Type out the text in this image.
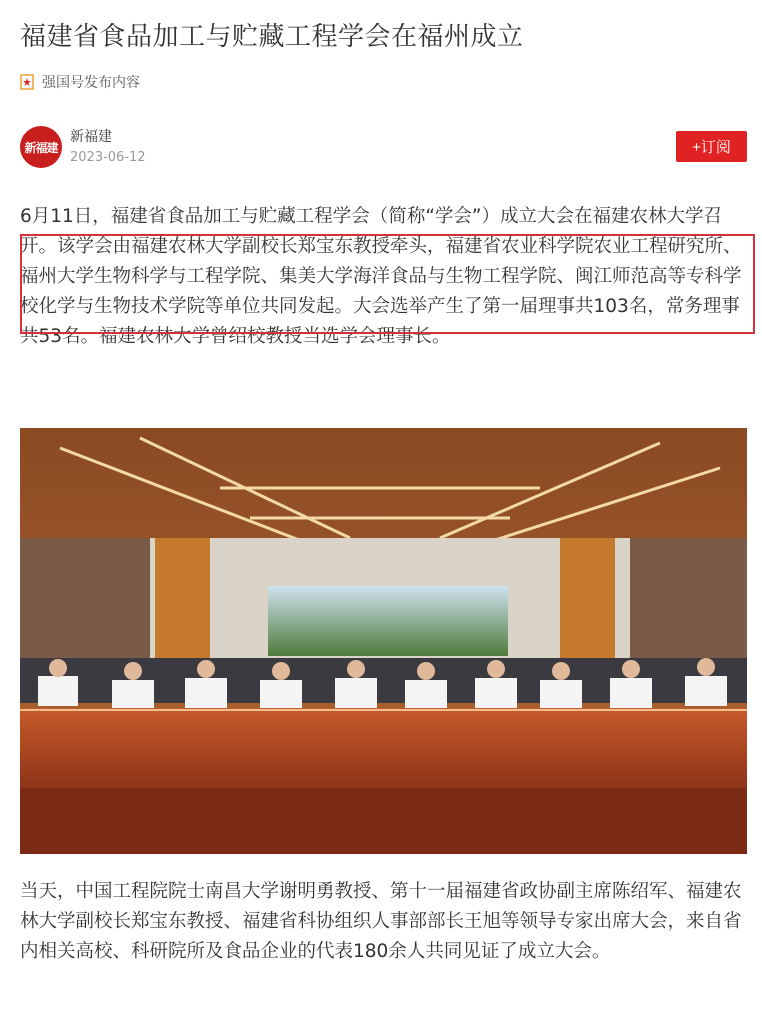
福建省食品加工与贮藏工程学会在福州成立
强国号发布内容
新福建
新福建
2023-06-12
+订阅
6月11日，福建省食品加工与贮藏工程学会（简称“学会”）成立大会在福建农林大学召开。该学会由福建农林大学副校长郑宝东教授牵头，福建省农业科学院农业工程研究所、福州大学生物科学与工程学院、集美大学海洋食品与生物工程学院、闽江师范高等专科学校化学与生物技术学院等单位共同发起。大会选举产生了第一届理事共103名，常务理事共53名。福建农林大学曾绍校教授当选学会理事长。
当天，中国工程院院士南昌大学谢明勇教授、第十一届福建省政协副主席陈绍军、福建农林大学副校长郑宝东教授、福建省科协组织人事部部长王旭等领导专家出席大会，来自省内相关高校、科研院所及食品企业的代表180余人共同见证了成立大会。
